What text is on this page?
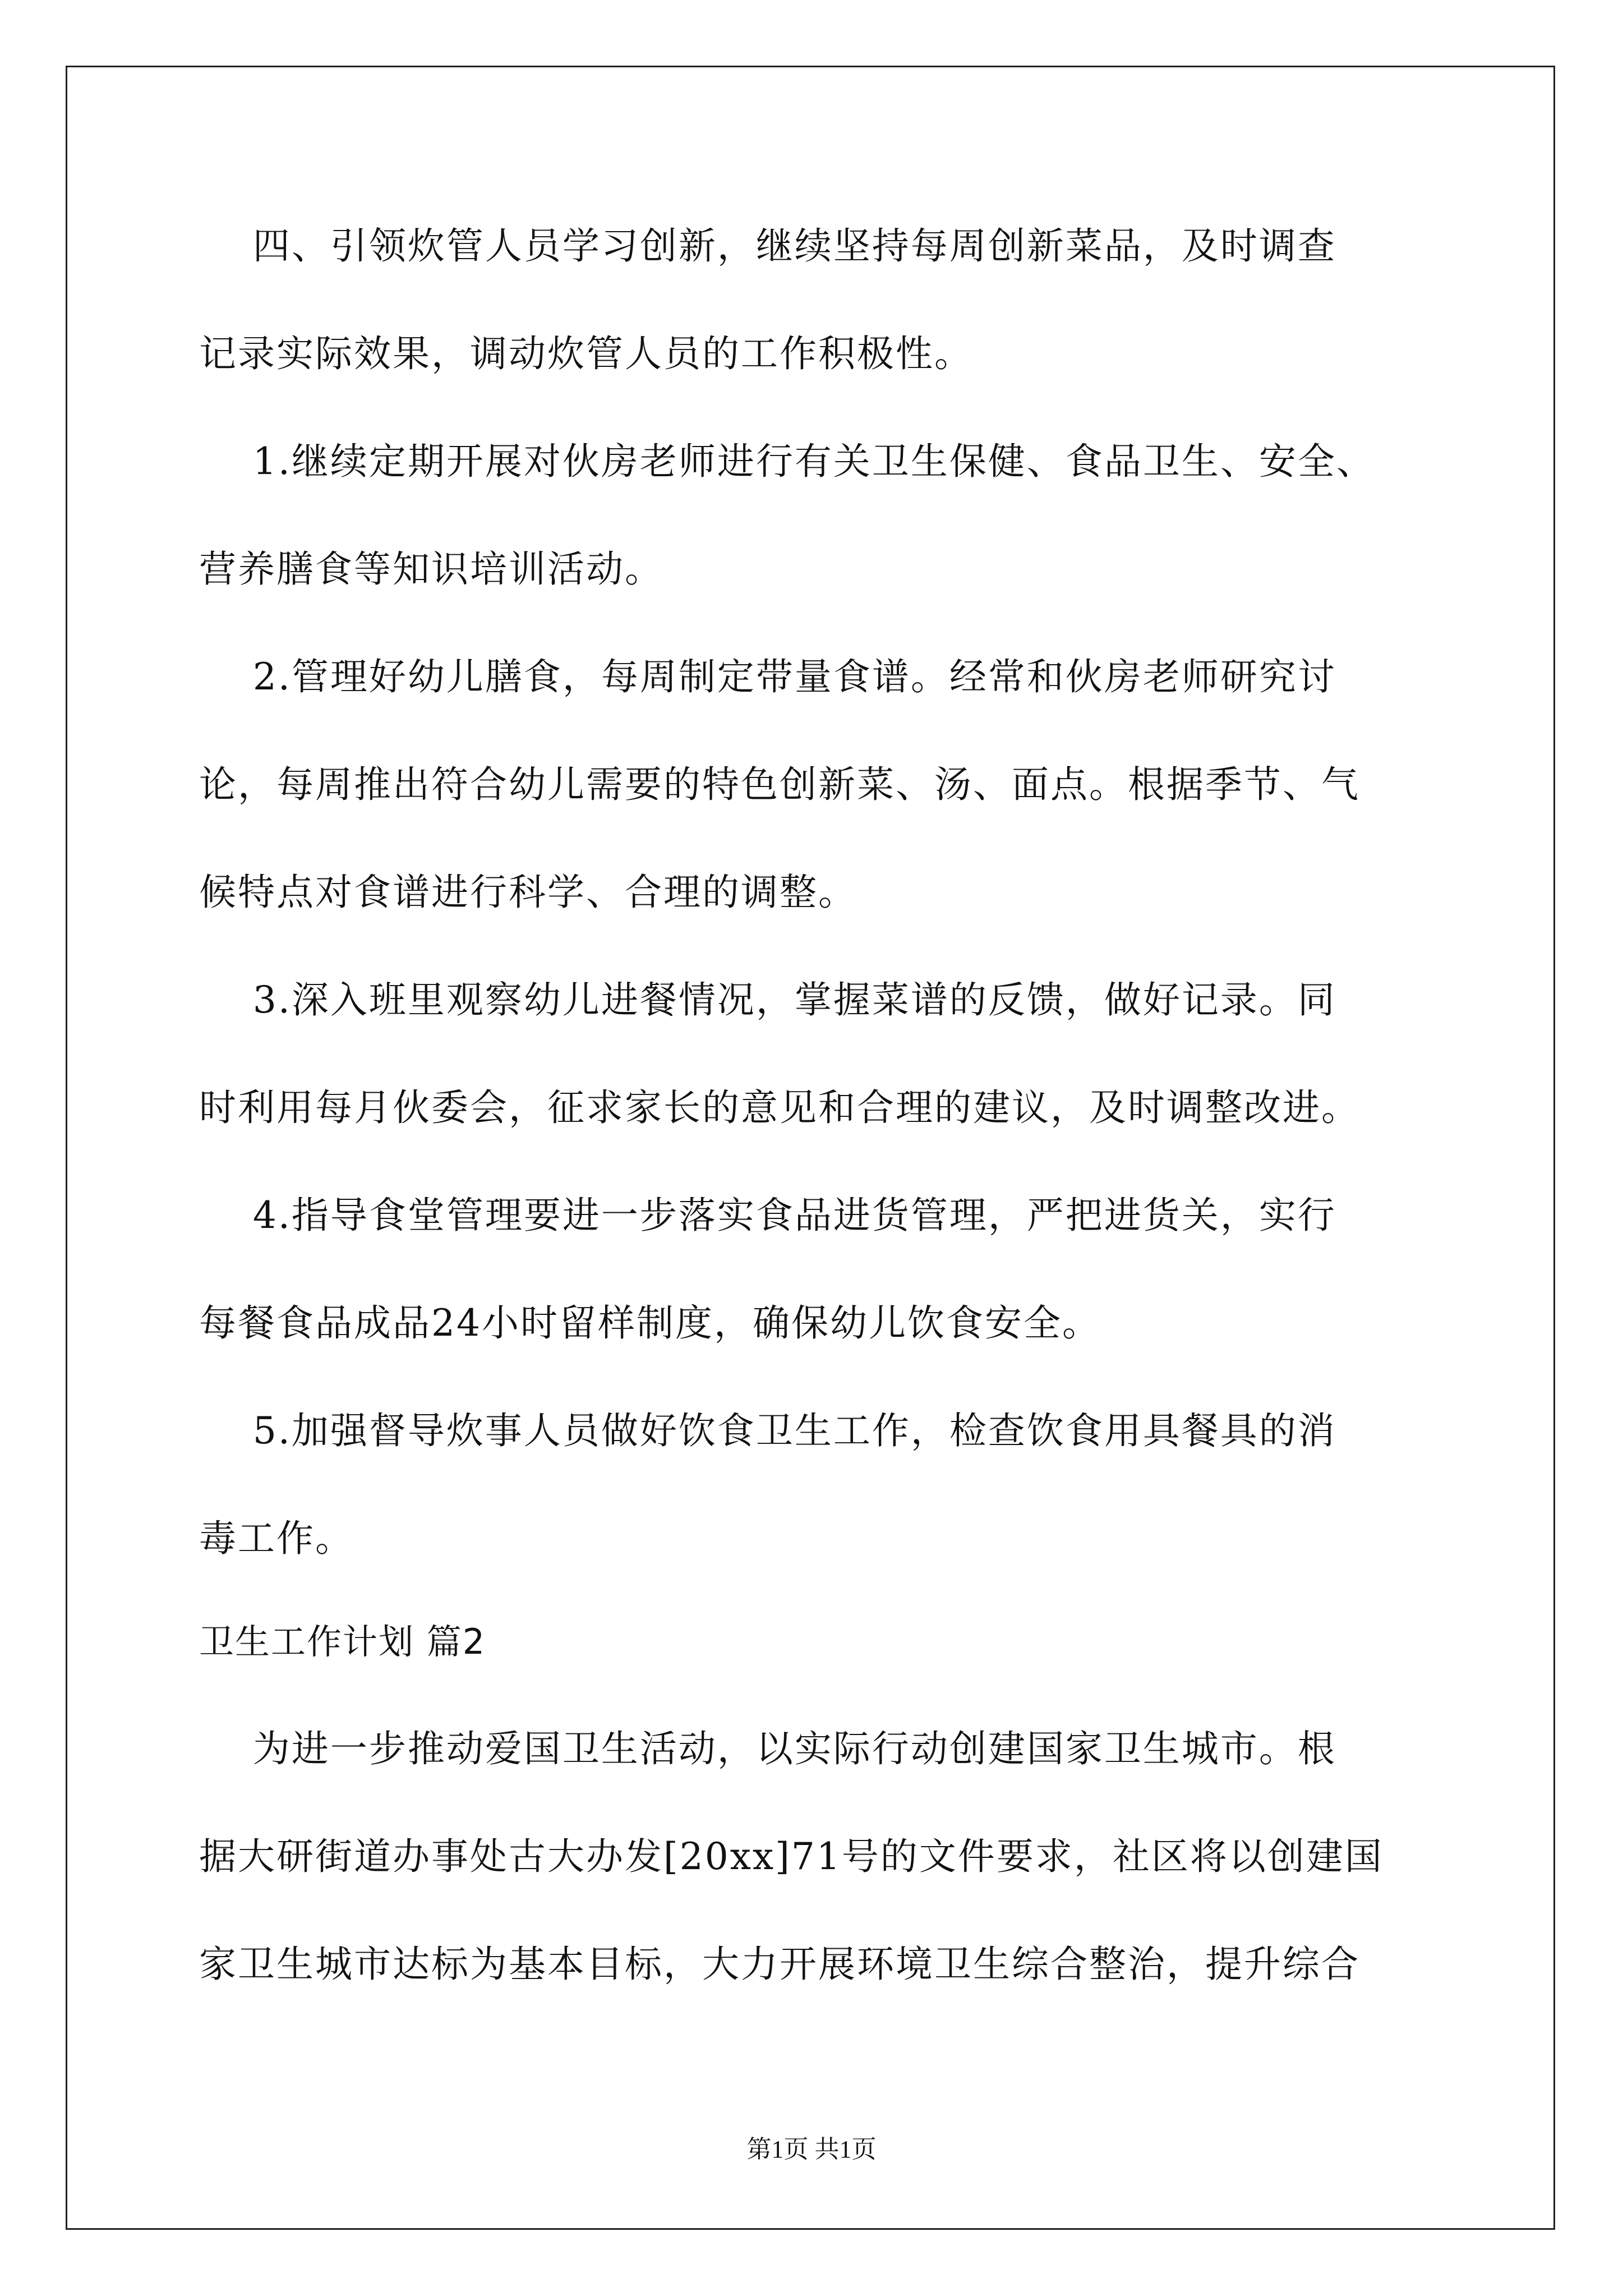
四、引领炊管人员学习创新，继续坚持每周创新菜品，及时调查
记录实际效果，调动炊管人员的工作积极性。
1.继续定期开展对伙房老师进行有关卫生保健、食品卫生、安全、
营养膳食等知识培训活动。
2.管理好幼儿膳食，每周制定带量食谱。经常和伙房老师研究讨
论，每周推出符合幼儿需要的特色创新菜、汤、面点。根据季节、气
候特点对食谱进行科学、合理的调整。
3.深入班里观察幼儿进餐情况，掌握菜谱的反馈，做好记录。同
时利用每月伙委会，征求家长的意见和合理的建议，及时调整改进。
4.指导食堂管理要进一步落实食品进货管理，严把进货关，实行
每餐食品成品24小时留样制度，确保幼儿饮食安全。
5.加强督导炊事人员做好饮食卫生工作，检查饮食用具餐具的消
毒工作。
卫生工作计划 篇2
为进一步推动爱国卫生活动，以实际行动创建国家卫生城市。根
据大研街道办事处古大办发[20xx]71号的文件要求，社区将以创建国
家卫生城市达标为基本目标，大力开展环境卫生综合整治，提升综合
第1页 共1页
